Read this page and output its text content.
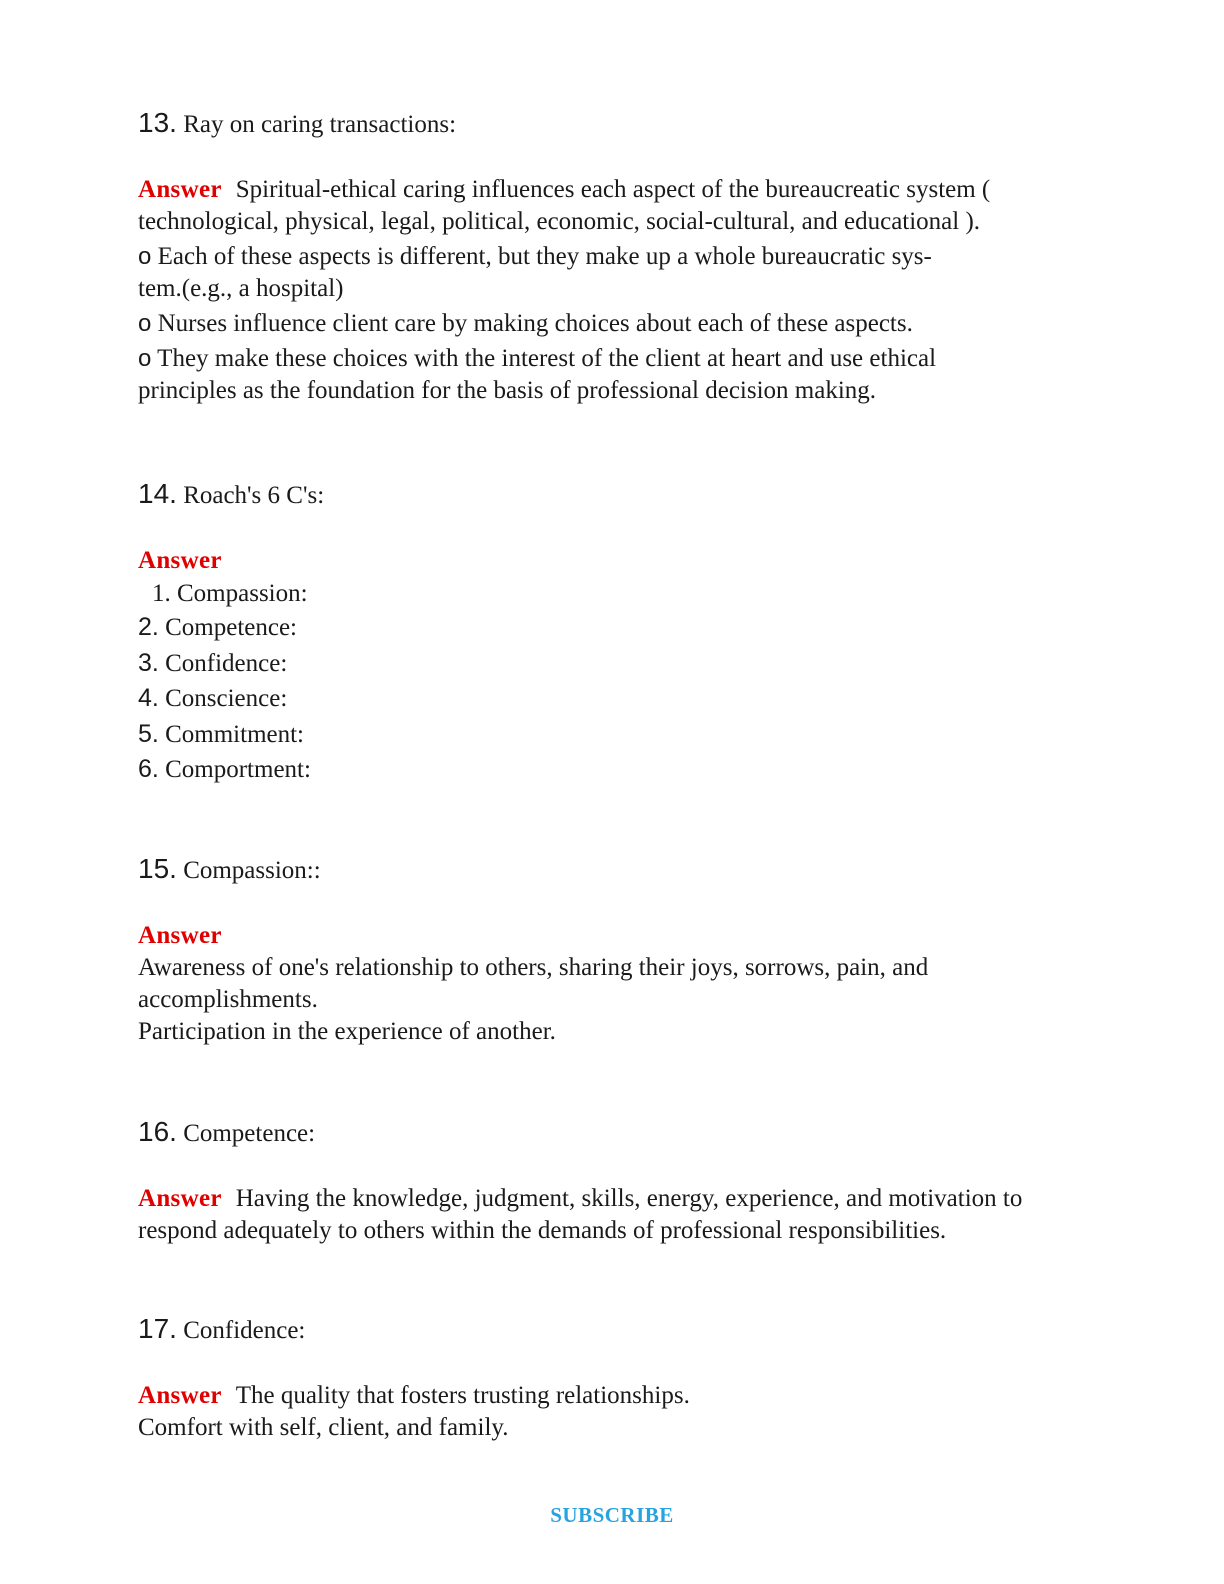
13. Ray on caring transactions:

Answer Spiritual-ethical caring influences each aspect of the bureaucreatic system (
technological, physical, legal, political, economic, social-cultural, and educational ).

o Each of these aspects is different, but they make up a whole bureaucratic sys-
tem.(e.g., a hospital)

o Nurses influence client care by making choices about each of these aspects.

o They make these choices with the interest of the client at heart and use ethical
principles as the foundation for the basis of professional decision making.

14. Roach's 6 C's:

Answer
1. Compassion:
2. Competence:
3. Confidence:
4. Conscience:
5. Commitment:
6. Comportment:

15. Compassion::

Answer
Awareness of one's relationship to others, sharing their joys, sorrows, pain, and
accomplishments.
Participation in the experience of another.

16. Competence:

Answer Having the knowledge, judgment, skills, energy, experience, and motivation to
respond adequately to others within the demands of professional responsibilities.

17. Confidence:

Answer The quality that fosters trusting relationships.
Comfort with self, client, and family.

SUBSCRIBE
